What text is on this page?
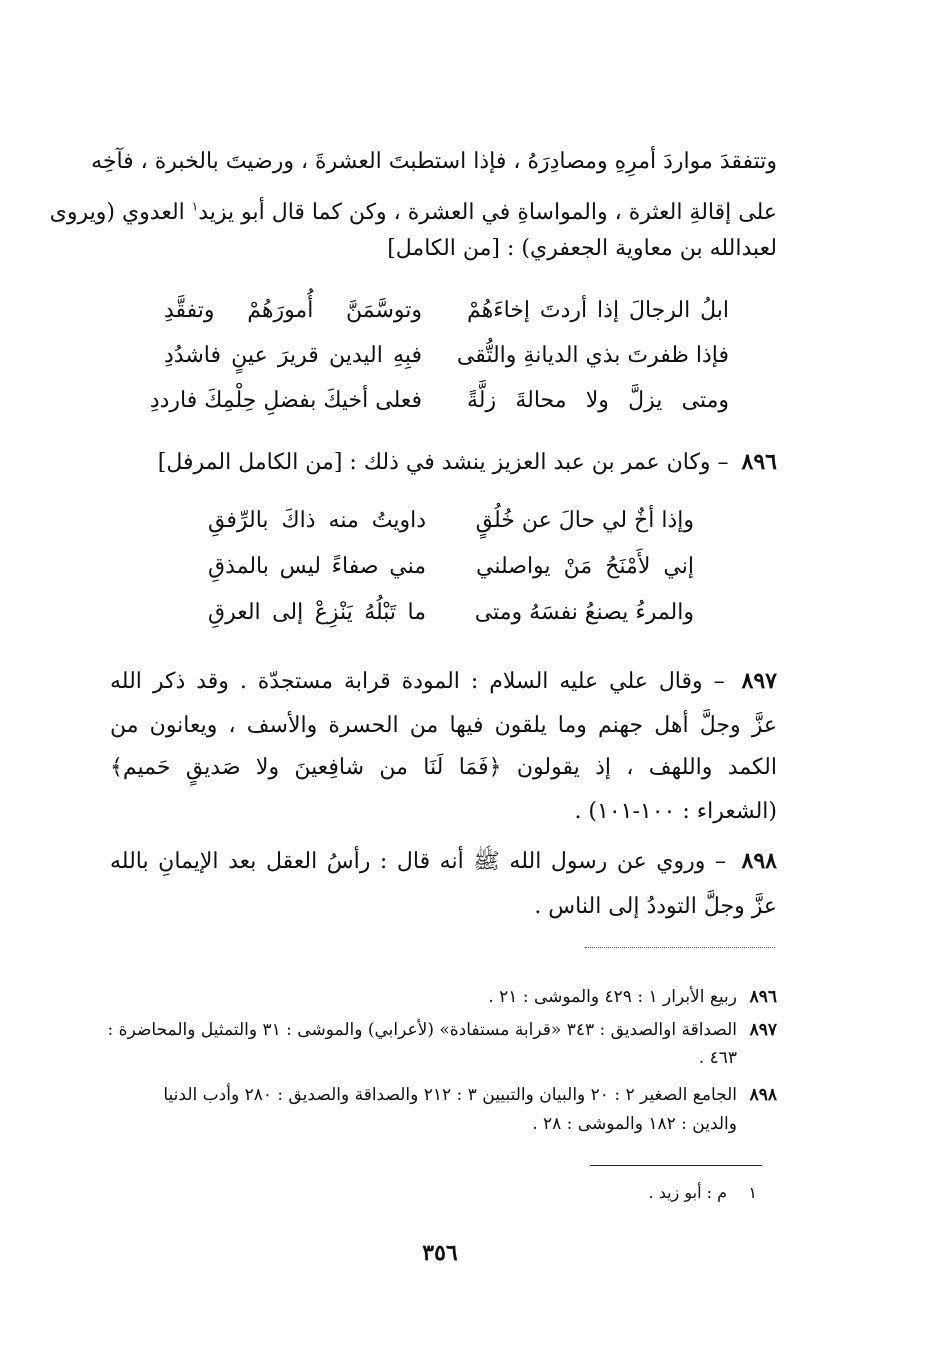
وتتفقدَ مواردَ أمرِهِ ومصادِرَهُ ، فإذا استطبتَ العشرةَ ، ورضيتَ بالخبرة ، فآخِه
على إقالةِ العثرة ، والمواساةِ في العشرة ، وكن كما قال أبو يزيد$^١$ العدوي (ويروى
لعبدالله بن معاوية الجعفري) : [من الكامل]
ابلُ الرجالَ إذا أردتَ إخاءَهُمْوتوسَّمَنَّ أُمورَهُمْ وتفقَّدِ
فإذا ظفرتَ بذي الديانةِ والتُّقىفبِهِ اليدين قريرَ عينٍ فاشدُدِ
ومتى يزلَّ ولا محالةَ زلَّةًفعلى أخيكَ بفضلِ حِلْمِكَ فارددِ
٨٩٦ – وكان عمر بن عبد العزيز ينشد في ذلك : [من الكامل المرفل]
وإذا أخٌ لي حالَ عن خُلُقٍداويتُ منه ذاكَ بالرِّفقِ
إني لأَمْنَحُ مَنْ يواصلنيمني صفاءً ليس بالمذقِ
والمرءُ يصنعُ نفسَهُ ومتىما تَبْلُهُ يَنْزِعْ إلى العرقِ
٨٩٧ – وقال علي عليه السلام : المودة قرابة مستجدّة . وقد ذكر الله
عزَّ وجلَّ أهل جهنم وما يلقون فيها من الحسرة والأسف ، ويعانون من
الكمد واللهف ، إذ يقولون ﴿فَمَا لَنَا من شافِعينَ ولا صَديقٍ حَميم﴾
(الشعراء : ١٠٠-١٠١) .
٨٩٨ – وروي عن رسول الله ﷺ أنه قال : رأسُ العقل بعد الإيمانِ بالله
عزَّ وجلَّ التوددُ إلى الناس .
٨٩٦ربيع الأبرار ١ : ٤٢٩ والموشى : ٢١ .
٨٩٧الصداقة اوالصديق : ٣٤٣ «قرابة مستفادة» (لأعرابي) والموشى : ٣١ والتمثيل والمحاضرة :
٤٦٣ .
٨٩٨الجامع الصغير ٢ : ٢٠ والبيان والتبيين ٣ : ٢١٢ والصداقة والصديق : ٢٨٠ وأدب الدنيا
والدين : ١٨٢ والموشى : ٢٨ .
١م : أبو زيد .
٣٥٦
